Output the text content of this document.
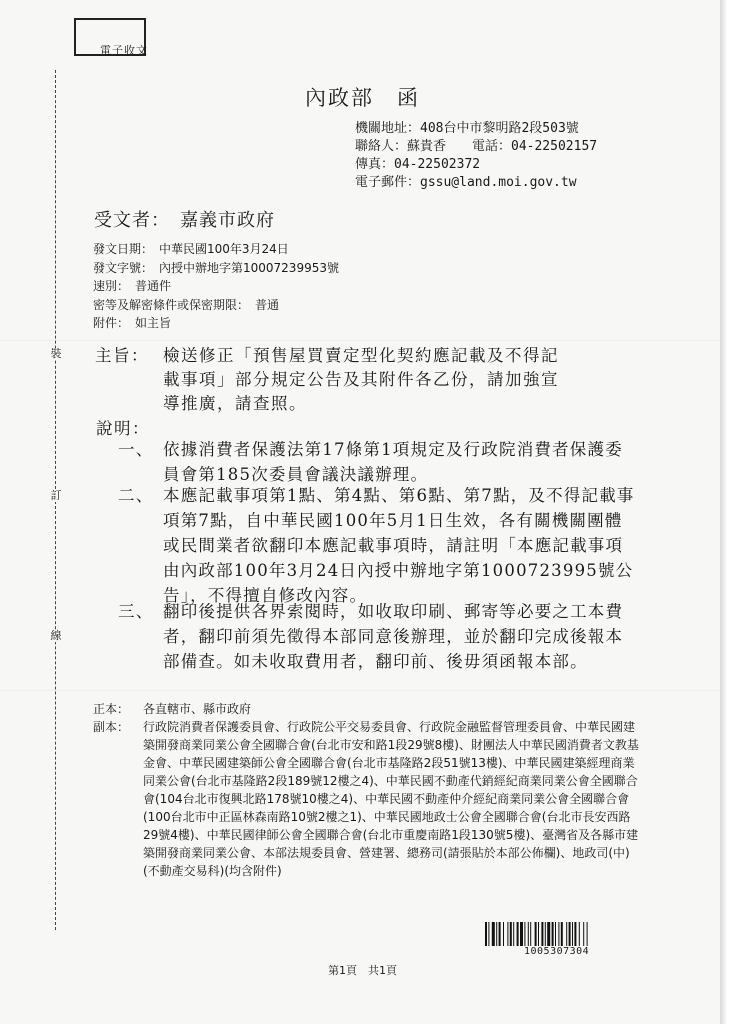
電子收文
裝
訂
線
內政部　函
機關地址：408台中市黎明路2段503號
聯絡人：蘇貴香　　電話：04-22502157
傳真：04-22502372
電子郵件：gssu@land.moi.gov.tw
受文者：　嘉義市政府
發文日期：　中華民國100年3月24日
發文字號：　內授中辦地字第10007239953號
速別：　普通件
密等及解密條件或保密期限：　普通
附件：　如主旨
主旨： 檢送修正「預售屋買賣定型化契約應記載及不得記載事項」部分規定公告及其附件各乙份，請加強宣導推廣，請查照。
說明：
一、 依據消費者保護法第17條第1項規定及行政院消費者保護委員會第185次委員會議決議辦理。
二、 本應記載事項第1點、第4點、第6點、第7點，及不得記載事項第7點，自中華民國100年5月1日生效，各有關機關團體或民間業者欲翻印本應記載事項時，請註明「本應記載事項由內政部100年3月24日內授中辦地字第1000723995號公告」，不得擅自修改內容。
三、 翻印後提供各界索閱時，如收取印刷、郵寄等必要之工本費者，翻印前須先徵得本部同意後辦理，並於翻印完成後報本部備查。如未收取費用者，翻印前、後毋須函報本部。
正本： 各直轄市、縣市政府
副本： 行政院消費者保護委員會、行政院公平交易委員會、行政院金融監督管理委員會、中華民國建築開發商業同業公會全國聯合會(台北市安和路1段29號8樓)、財團法人中華民國消費者文教基金會、中華民國建築師公會全國聯合會(台北市基隆路2段51號13樓)、中華民國建築經理商業同業公會(台北市基隆路2段189號12樓之4)、中華民國不動產代銷經紀商業同業公會全國聯合會(104台北市復興北路178號10樓之4)、中華民國不動產仲介經紀商業同業公會全國聯合會(100台北市中正區林森南路10號2樓之1)、中華民國地政士公會全國聯合會(台北市長安西路29號4樓)、中華民國律師公會全國聯合會(台北市重慶南路1段130號5樓)、臺灣省及各縣市建築開發商業同業公會、本部法規委員會、營建署、總務司(請張貼於本部公佈欄)、地政司(中)(不動產交易科)(均含附件)
1005307304
第1頁　共1頁
